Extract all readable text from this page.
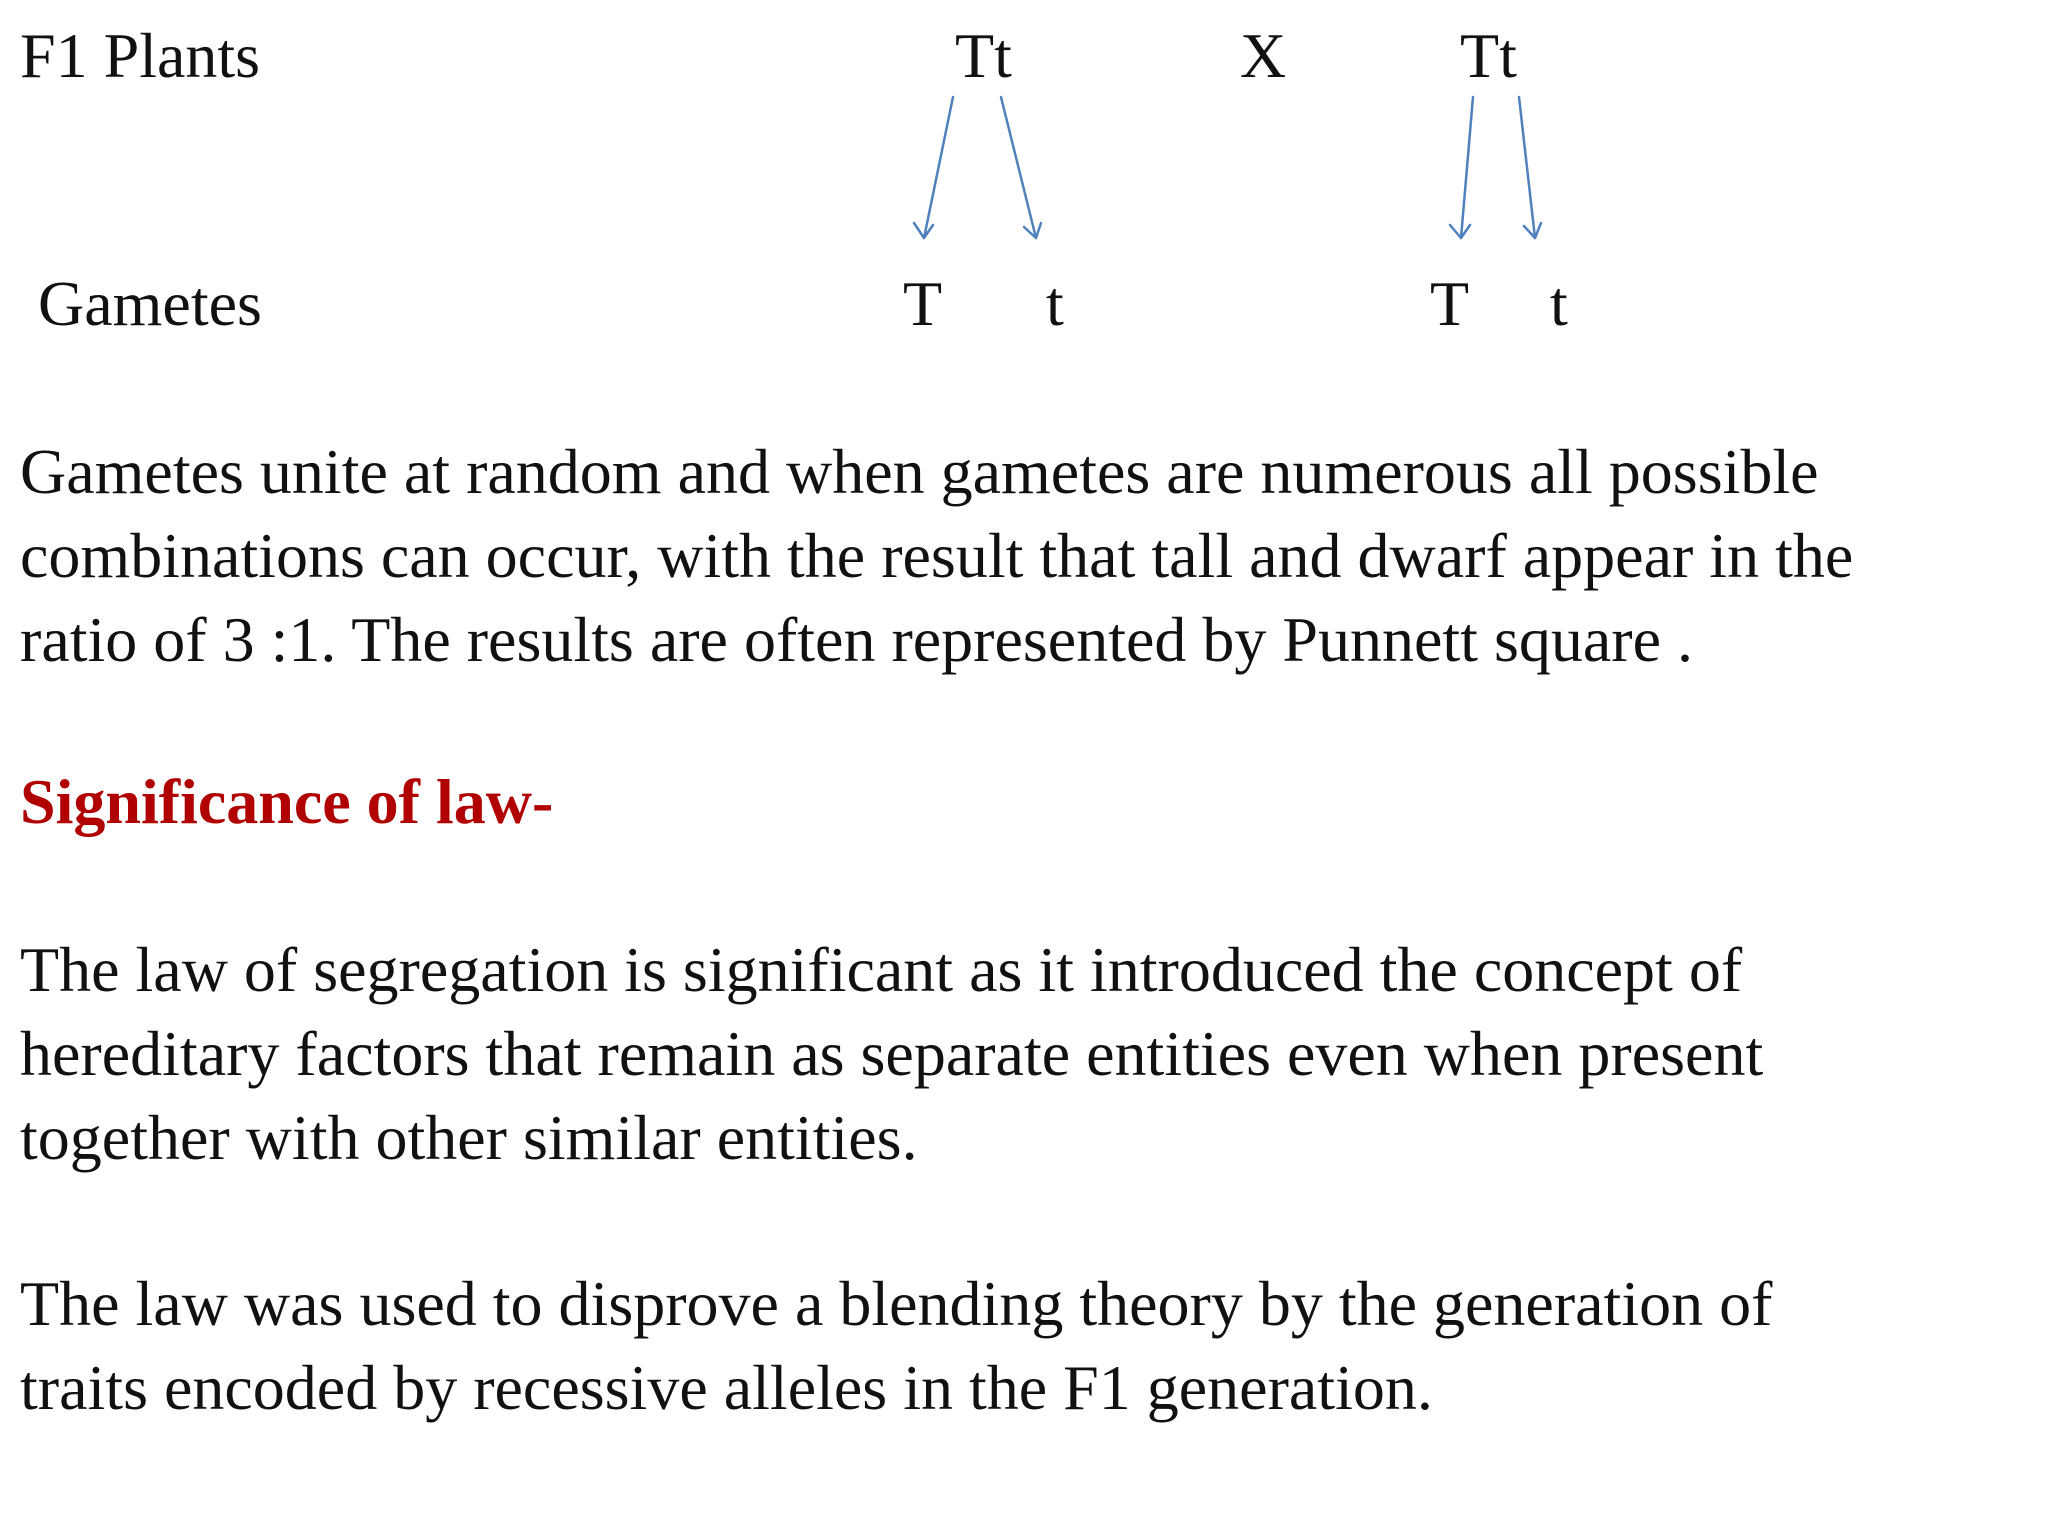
F1 Plants	Tt	X	Tt
Gametes	T t	T t
Gametes unite at random and when gametes are numerous all possible
combinations can occur, with the result that tall and dwarf appear in the
ratio of 3 :1. The results are often represented by Punnett square .
Significance of law-
The law of segregation is significant as it introduced the concept of
hereditary factors that remain as separate entities even when present
together with other similar entities.
The law was used to disprove a blending theory by the generation of
traits encoded by recessive alleles in the F1 generation.
